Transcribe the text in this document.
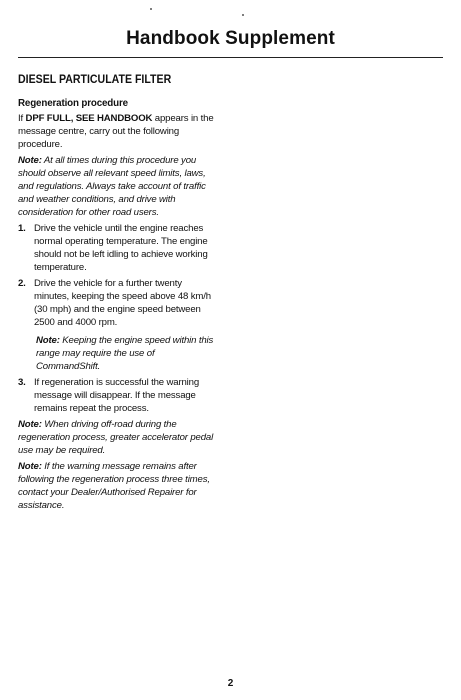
Handbook Supplement
DIESEL PARTICULATE FILTER
Regeneration procedure

If DPF FULL, SEE HANDBOOK appears in the message centre, carry out the following procedure.

Note: At all times during this procedure you should observe all relevant speed limits, laws, and regulations. Always take account of traffic and weather conditions, and drive with consideration for other road users.

1. Drive the vehicle until the engine reaches normal operating temperature. The engine should not be left idling to achieve working temperature.
2. Drive the vehicle for a further twenty minutes, keeping the speed above 48 km/h (30 mph) and the engine speed between 2500 and 4000 rpm.
Note: Keeping the engine speed within this range may require the use of CommandShift.
3. If regeneration is successful the warning message will disappear. If the message remains repeat the process.

Note: When driving off-road during the regeneration process, greater accelerator pedal use may be required.

Note: If the warning message remains after following the regeneration process three times, contact your Dealer/Authorised Repairer for assistance.

2
